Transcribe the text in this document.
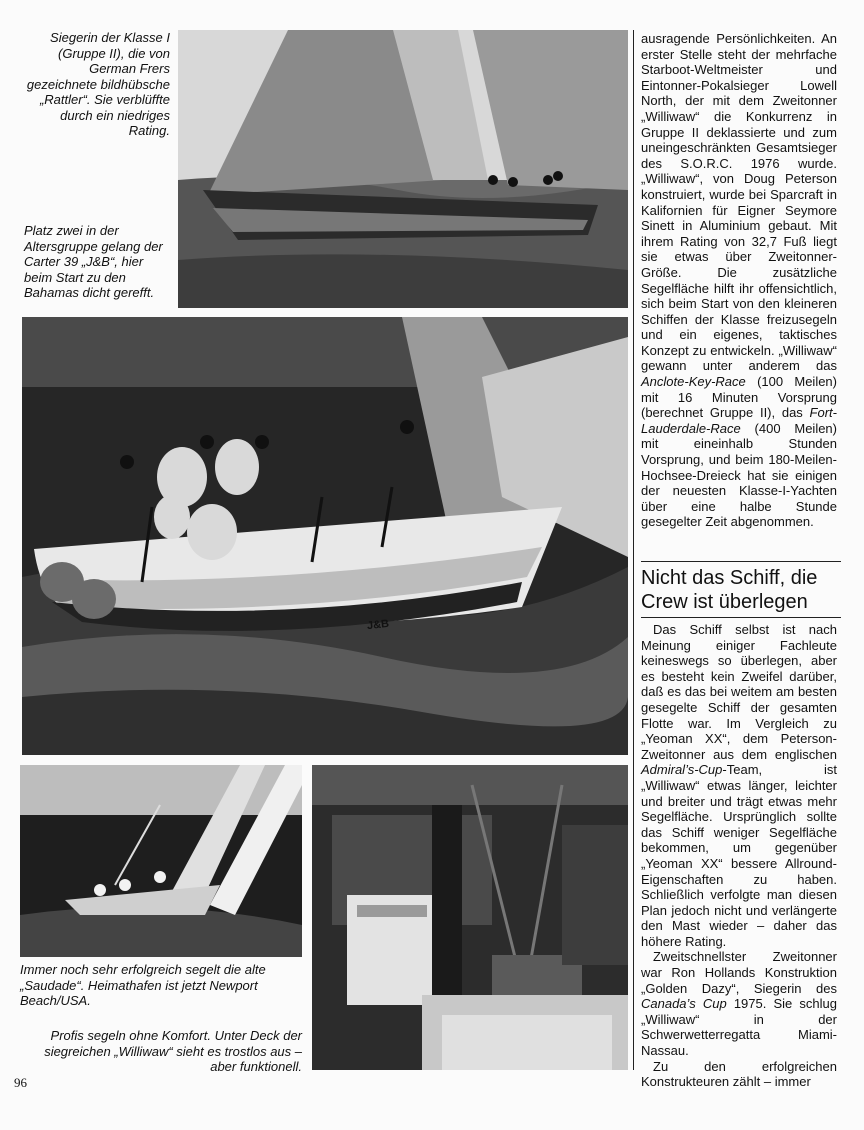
Siegerin der Klasse I (Gruppe II), die von German Frers gezeichnete bildhübsche „Rattler“. Sie verblüffte durch ein niedriges Rating.
Platz zwei in der Altersgruppe gelang der Carter 39 „J&B“, hier beim Start zu den Bahamas dicht gerefft.
J&B
Immer noch sehr erfolgreich segelt die alte „Saudade“. Heimathafen ist jetzt Newport Beach/USA.
Profis segeln ohne Komfort. Unter Deck der siegreichen „Williwaw“ sieht es trostlos aus – aber funktionell.

ausragende Persönlichkeiten. An erster Stelle steht der mehrfache Starboot-Weltmeister und Eintonner-Pokalsieger Lowell North, der mit dem Zweitonner „Williwaw“ die Konkurrenz in Gruppe II deklassierte und zum uneingeschränkten Gesamtsieger des S.O.R.C. 1976 wurde. „Williwaw“, von Doug Peterson konstruiert, wurde bei Sparcraft in Kalifornien für Eigner Seymore Sinett in Aluminium gebaut. Mit ihrem Rating von 32,7 Fuß liegt sie etwas über Zweitonner-Größe. Die zusätzliche Segelfläche hilft ihr offensichtlich, sich beim Start von den kleineren Schiffen der Klasse freizusegeln und ein eigenes, taktisches Konzept zu entwickeln. „Williwaw“ gewann unter anderem das Anclote-Key-Race (100 Meilen) mit 16 Minuten Vorsprung (berechnet Gruppe II), das Fort-Lauderdale-Race (400 Meilen) mit eineinhalb Stunden Vorsprung, und beim 180-Meilen-Hochsee-Dreieck hat sie einigen der neuesten Klasse-I-Yachten über eine halbe Stunde gesegelter Zeit abgenommen.

Nicht das Schiff, die Crew ist überlegen

Das Schiff selbst ist nach Meinung einiger Fachleute keineswegs so überlegen, aber es besteht kein Zweifel darüber, daß es das bei weitem am besten gesegelte Schiff der gesamten Flotte war. Im Vergleich zu „Yeoman XX“, dem Peterson-Zweitonner aus dem englischen Admiral’s-Cup-Team, ist „Williwaw“ etwas länger, leichter und breiter und trägt etwas mehr Segelfläche. Ursprünglich sollte das Schiff weniger Segelfläche bekommen, um gegenüber „Yeoman XX“ bessere Allround-Eigenschaften zu haben. Schließlich verfolgte man diesen Plan jedoch nicht und verlängerte den Mast wieder – daher das höhere Rating.

Zweitschnellster Zweitonner war Ron Hollands Konstruktion „Golden Dazy“, Siegerin des Canada’s Cup 1975. Sie schlug „Williwaw“ in der Schwerwetterregatta Miami-Nassau.

Zu den erfolgreichen Konstrukteuren zählt – immer

96
